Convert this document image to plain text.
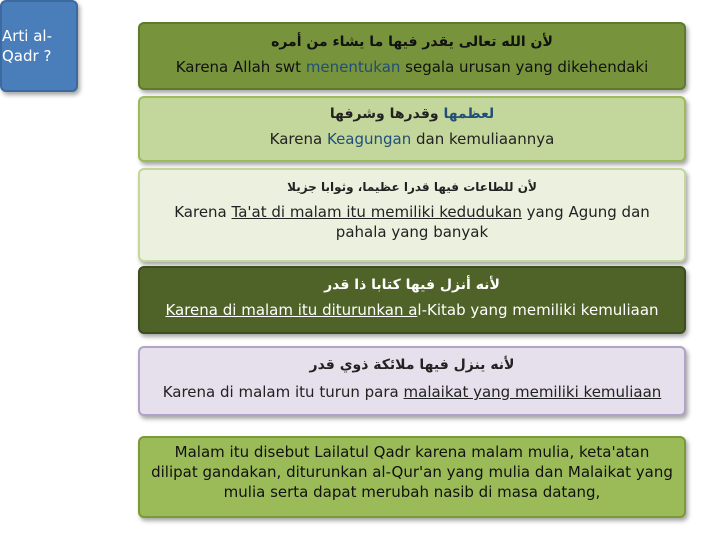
Arti al-Qadr ?
لأن الله تعالى يقدر فيها ما يشاء من أمره
Karena Allah swt menentukan segala urusan yang dikehendaki
لعظمها وقدرها وشرفها
Karena Keagungan dan kemuliaannya
لأن للطاعات فيها قدرا عظيما، وثوابا جزيلا
Karena Ta'at di malam itu memiliki kedudukan yang Agung dan pahala yang banyak
لأنه أنزل فيها كتابا ذا قدر
Karena di malam itu diturunkan al-Kitab yang memiliki kemuliaan
لأنه ينزل فيها ملائكة ذوي قدر
Karena di malam itu turun para malaikat yang memiliki kemuliaan
Malam itu disebut Lailatul Qadr karena malam mulia, keta'atan dilipat gandakan, diturunkan al-Qur'an yang mulia dan Malaikat yang mulia serta dapat merubah nasib di masa datang,
